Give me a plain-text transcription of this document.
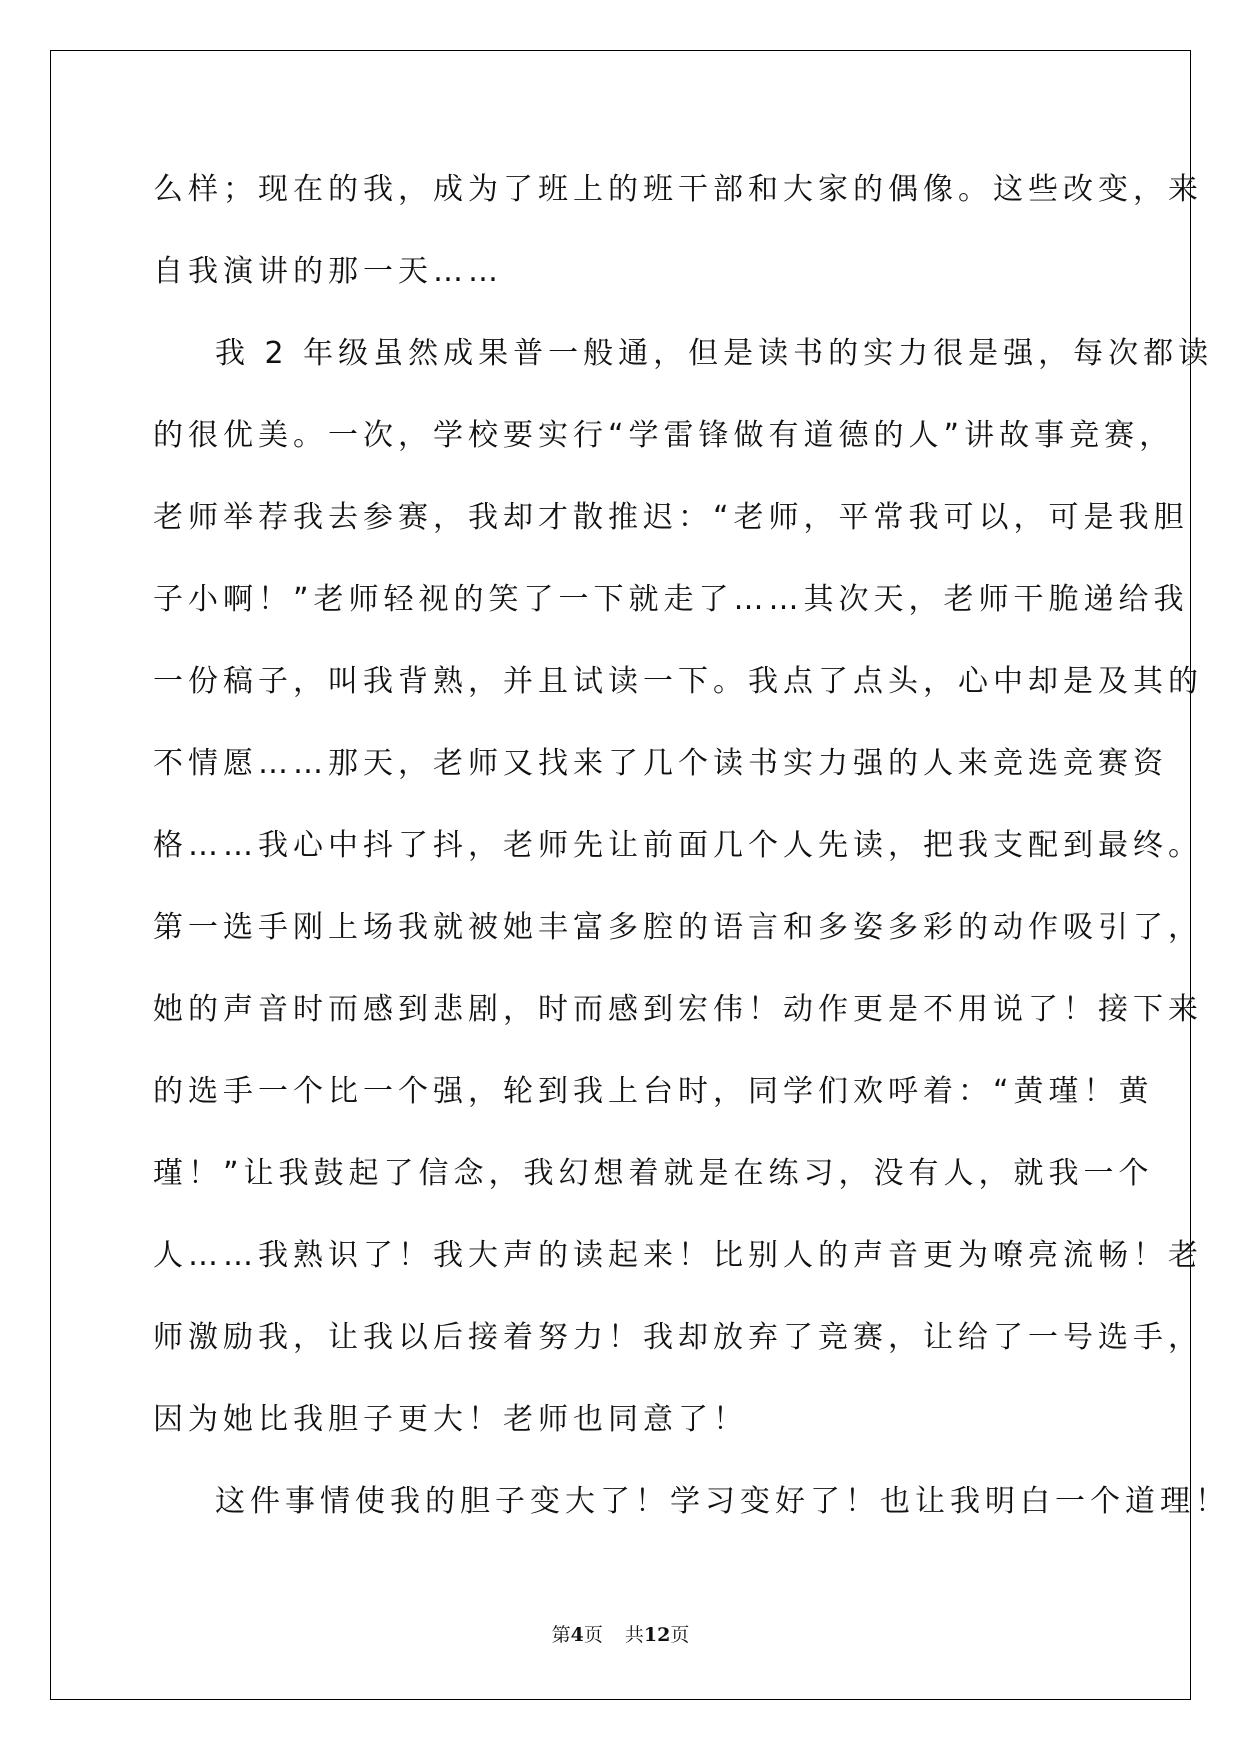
么样；现在的我，成为了班上的班干部和大家的偶像。这些改变，来
自我演讲的那一天……
我 2 年级虽然成果普一般通，但是读书的实力很是强，每次都读
的很优美。一次，学校要实行“学雷锋做有道德的人”讲故事竞赛，
老师举荐我去参赛，我却才散推迟：“老师，平常我可以，可是我胆
子小啊！”老师轻视的笑了一下就走了……其次天，老师干脆递给我
一份稿子，叫我背熟，并且试读一下。我点了点头，心中却是及其的
不情愿……那天，老师又找来了几个读书实力强的人来竞选竞赛资
格……我心中抖了抖，老师先让前面几个人先读，把我支配到最终。
第一选手刚上场我就被她丰富多腔的语言和多姿多彩的动作吸引了，
她的声音时而感到悲剧，时而感到宏伟！动作更是不用说了！接下来
的选手一个比一个强，轮到我上台时，同学们欢呼着：“黄瑾！黄
瑾！”让我鼓起了信念，我幻想着就是在练习，没有人，就我一个
人……我熟识了！我大声的读起来！比别人的声音更为嘹亮流畅！老
师激励我，让我以后接着努力！我却放弃了竞赛，让给了一号选手，
因为她比我胆子更大！老师也同意了！
这件事情使我的胆子变大了！学习变好了！也让我明白一个道理！
第4页 共12页
